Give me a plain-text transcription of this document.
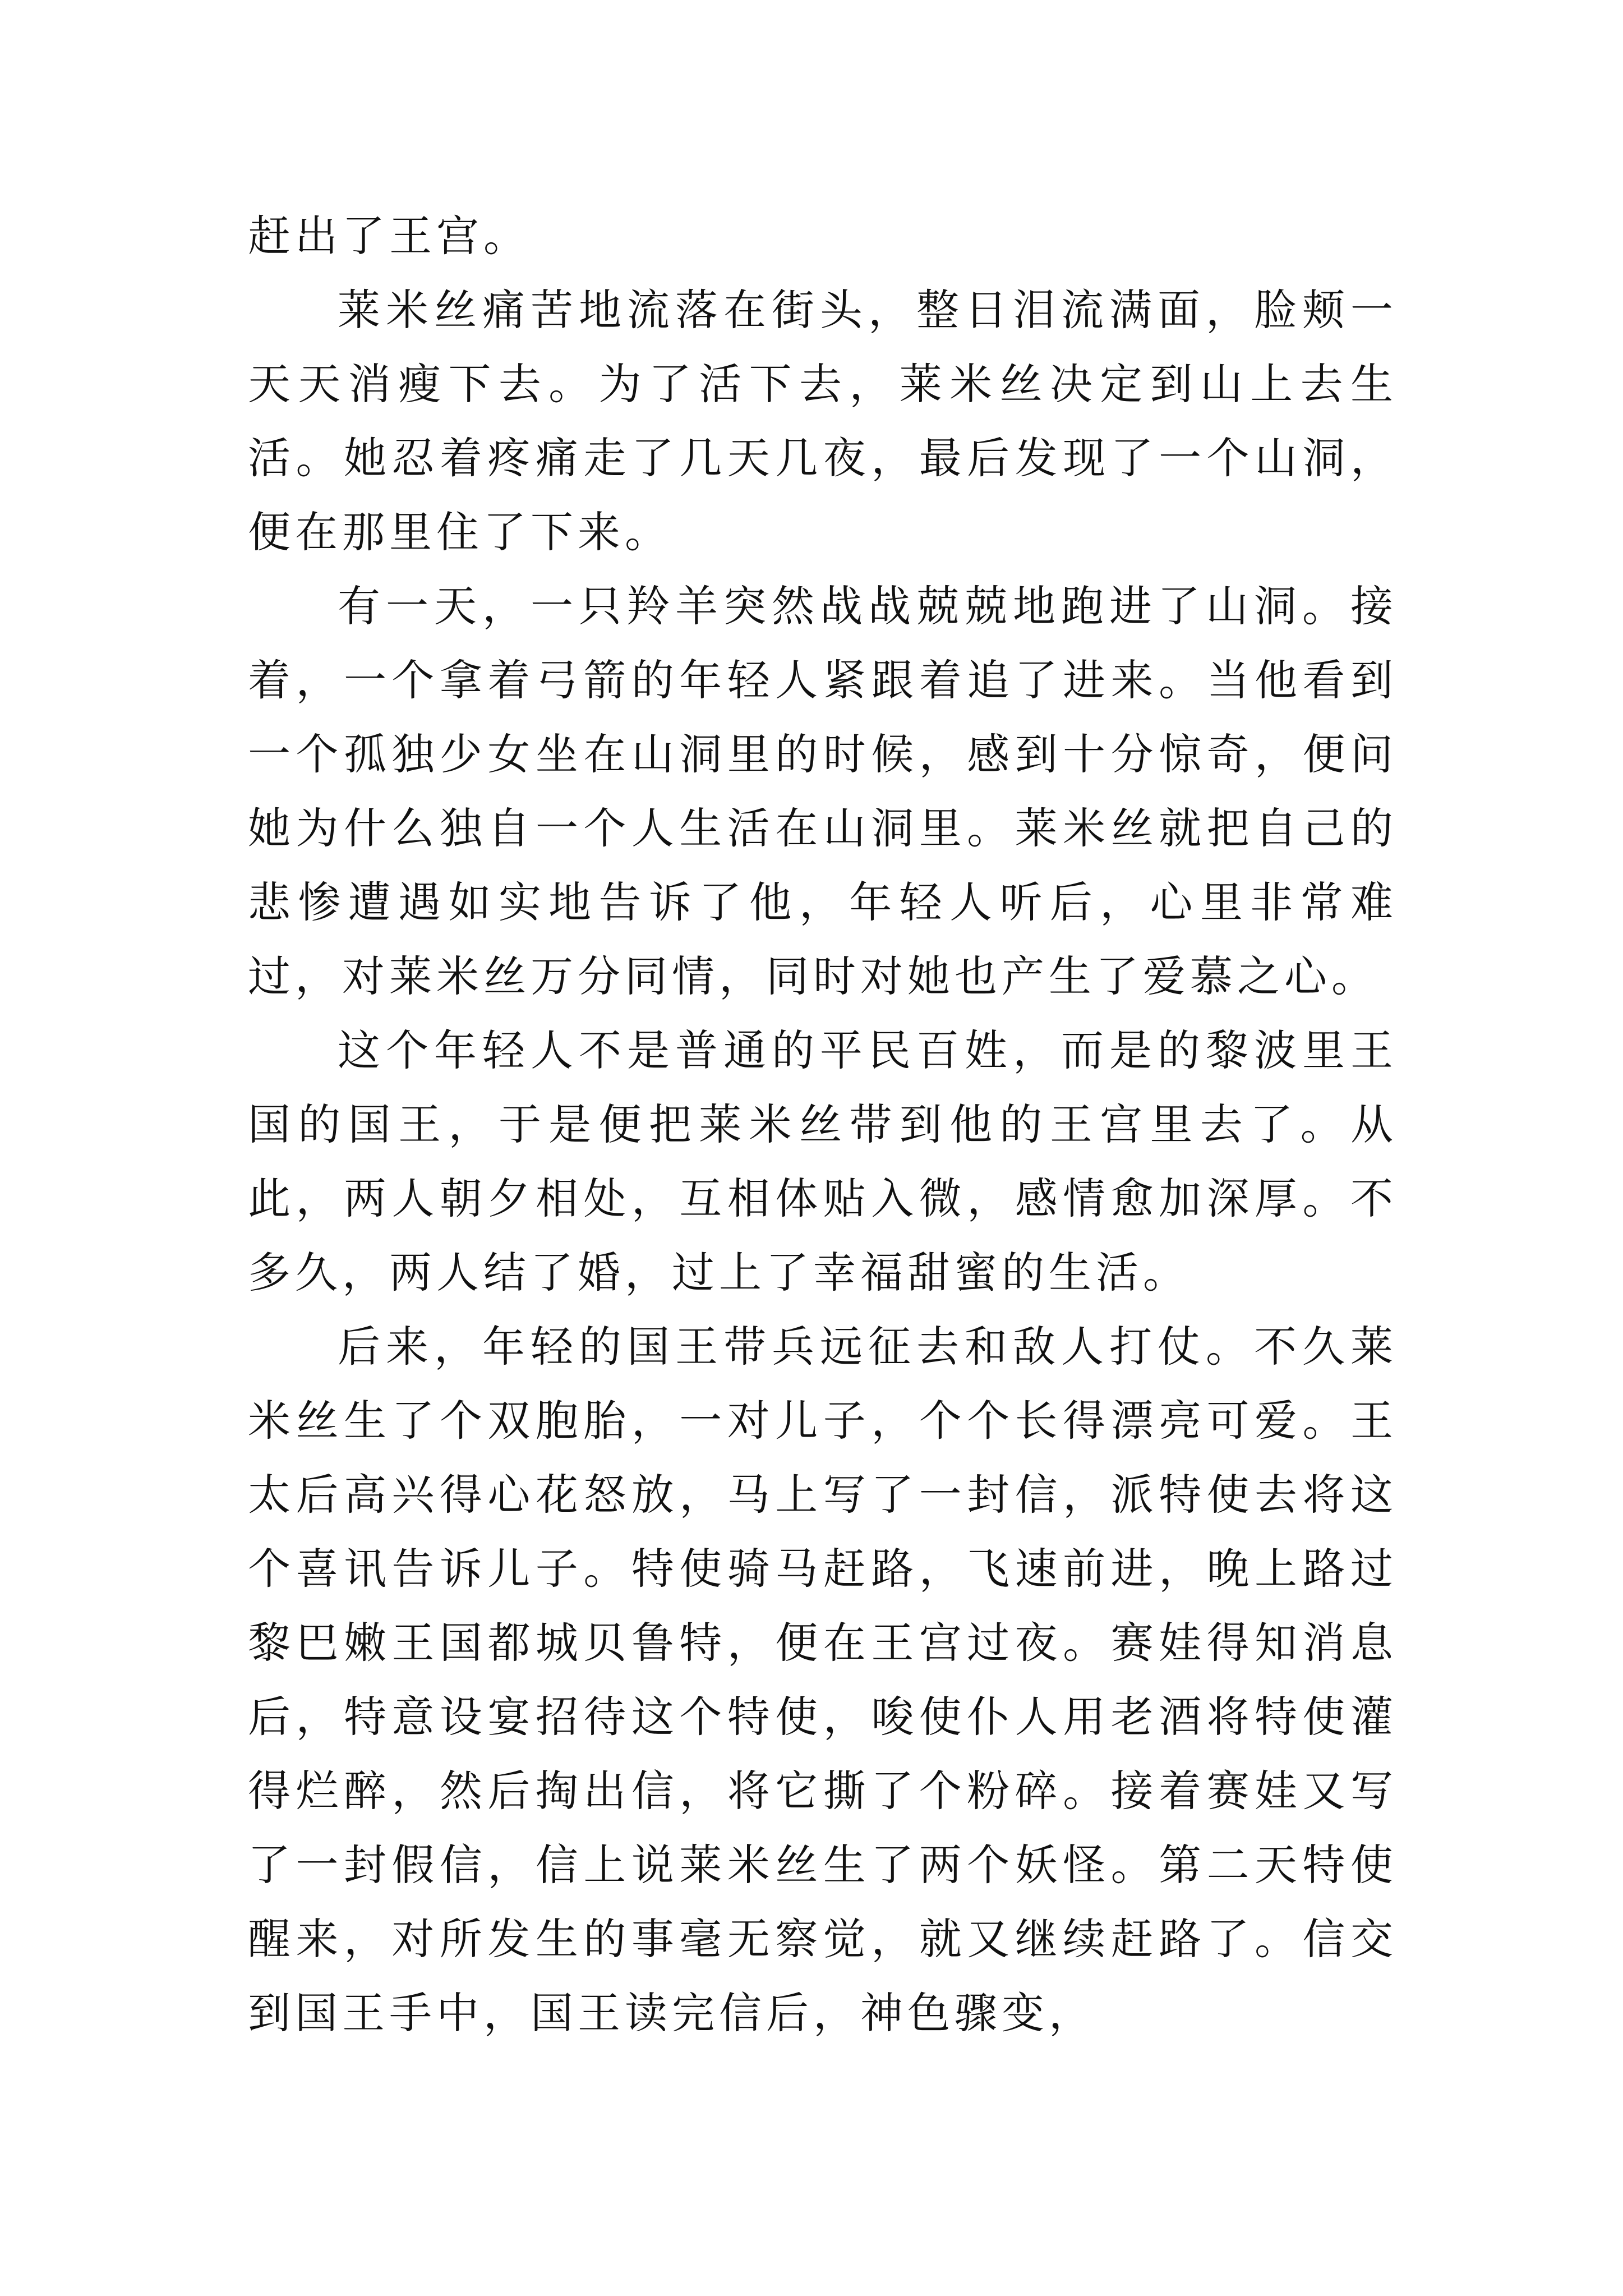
赶出了王宫。

莱米丝痛苦地流落在街头，整日泪流满面，脸颊一天天消瘦下去。为了活下去，莱米丝决定到山上去生活。她忍着疼痛走了几天几夜，最后发现了一个山洞，便在那里住了下来。

有一天，一只羚羊突然战战兢兢地跑进了山洞。接着，一个拿着弓箭的年轻人紧跟着追了进来。当他看到一个孤独少女坐在山洞里的时候，感到十分惊奇，便问她为什么独自一个人生活在山洞里。莱米丝就把自己的悲惨遭遇如实地告诉了他，年轻人听后，心里非常难过，对莱米丝万分同情，同时对她也产生了爱慕之心。

这个年轻人不是普通的平民百姓，而是的黎波里王国的国王，于是便把莱米丝带到他的王宫里去了。从此，两人朝夕相处，互相体贴入微，感情愈加深厚。不多久，两人结了婚，过上了幸福甜蜜的生活。

后来，年轻的国王带兵远征去和敌人打仗。不久莱米丝生了个双胞胎，一对儿子，个个长得漂亮可爱。王太后高兴得心花怒放，马上写了一封信，派特使去将这个喜讯告诉儿子。特使骑马赶路，飞速前进，晚上路过黎巴嫩王国都城贝鲁特，便在王宫过夜。赛娃得知消息后，特意设宴招待这个特使，唆使仆人用老酒将特使灌得烂醉，然后掏出信，将它撕了个粉碎。接着赛娃又写了一封假信，信上说莱米丝生了两个妖怪。第二天特使醒来，对所发生的事毫无察觉，就又继续赶路了。信交到国王手中，国王读完信后，神色骤变，
